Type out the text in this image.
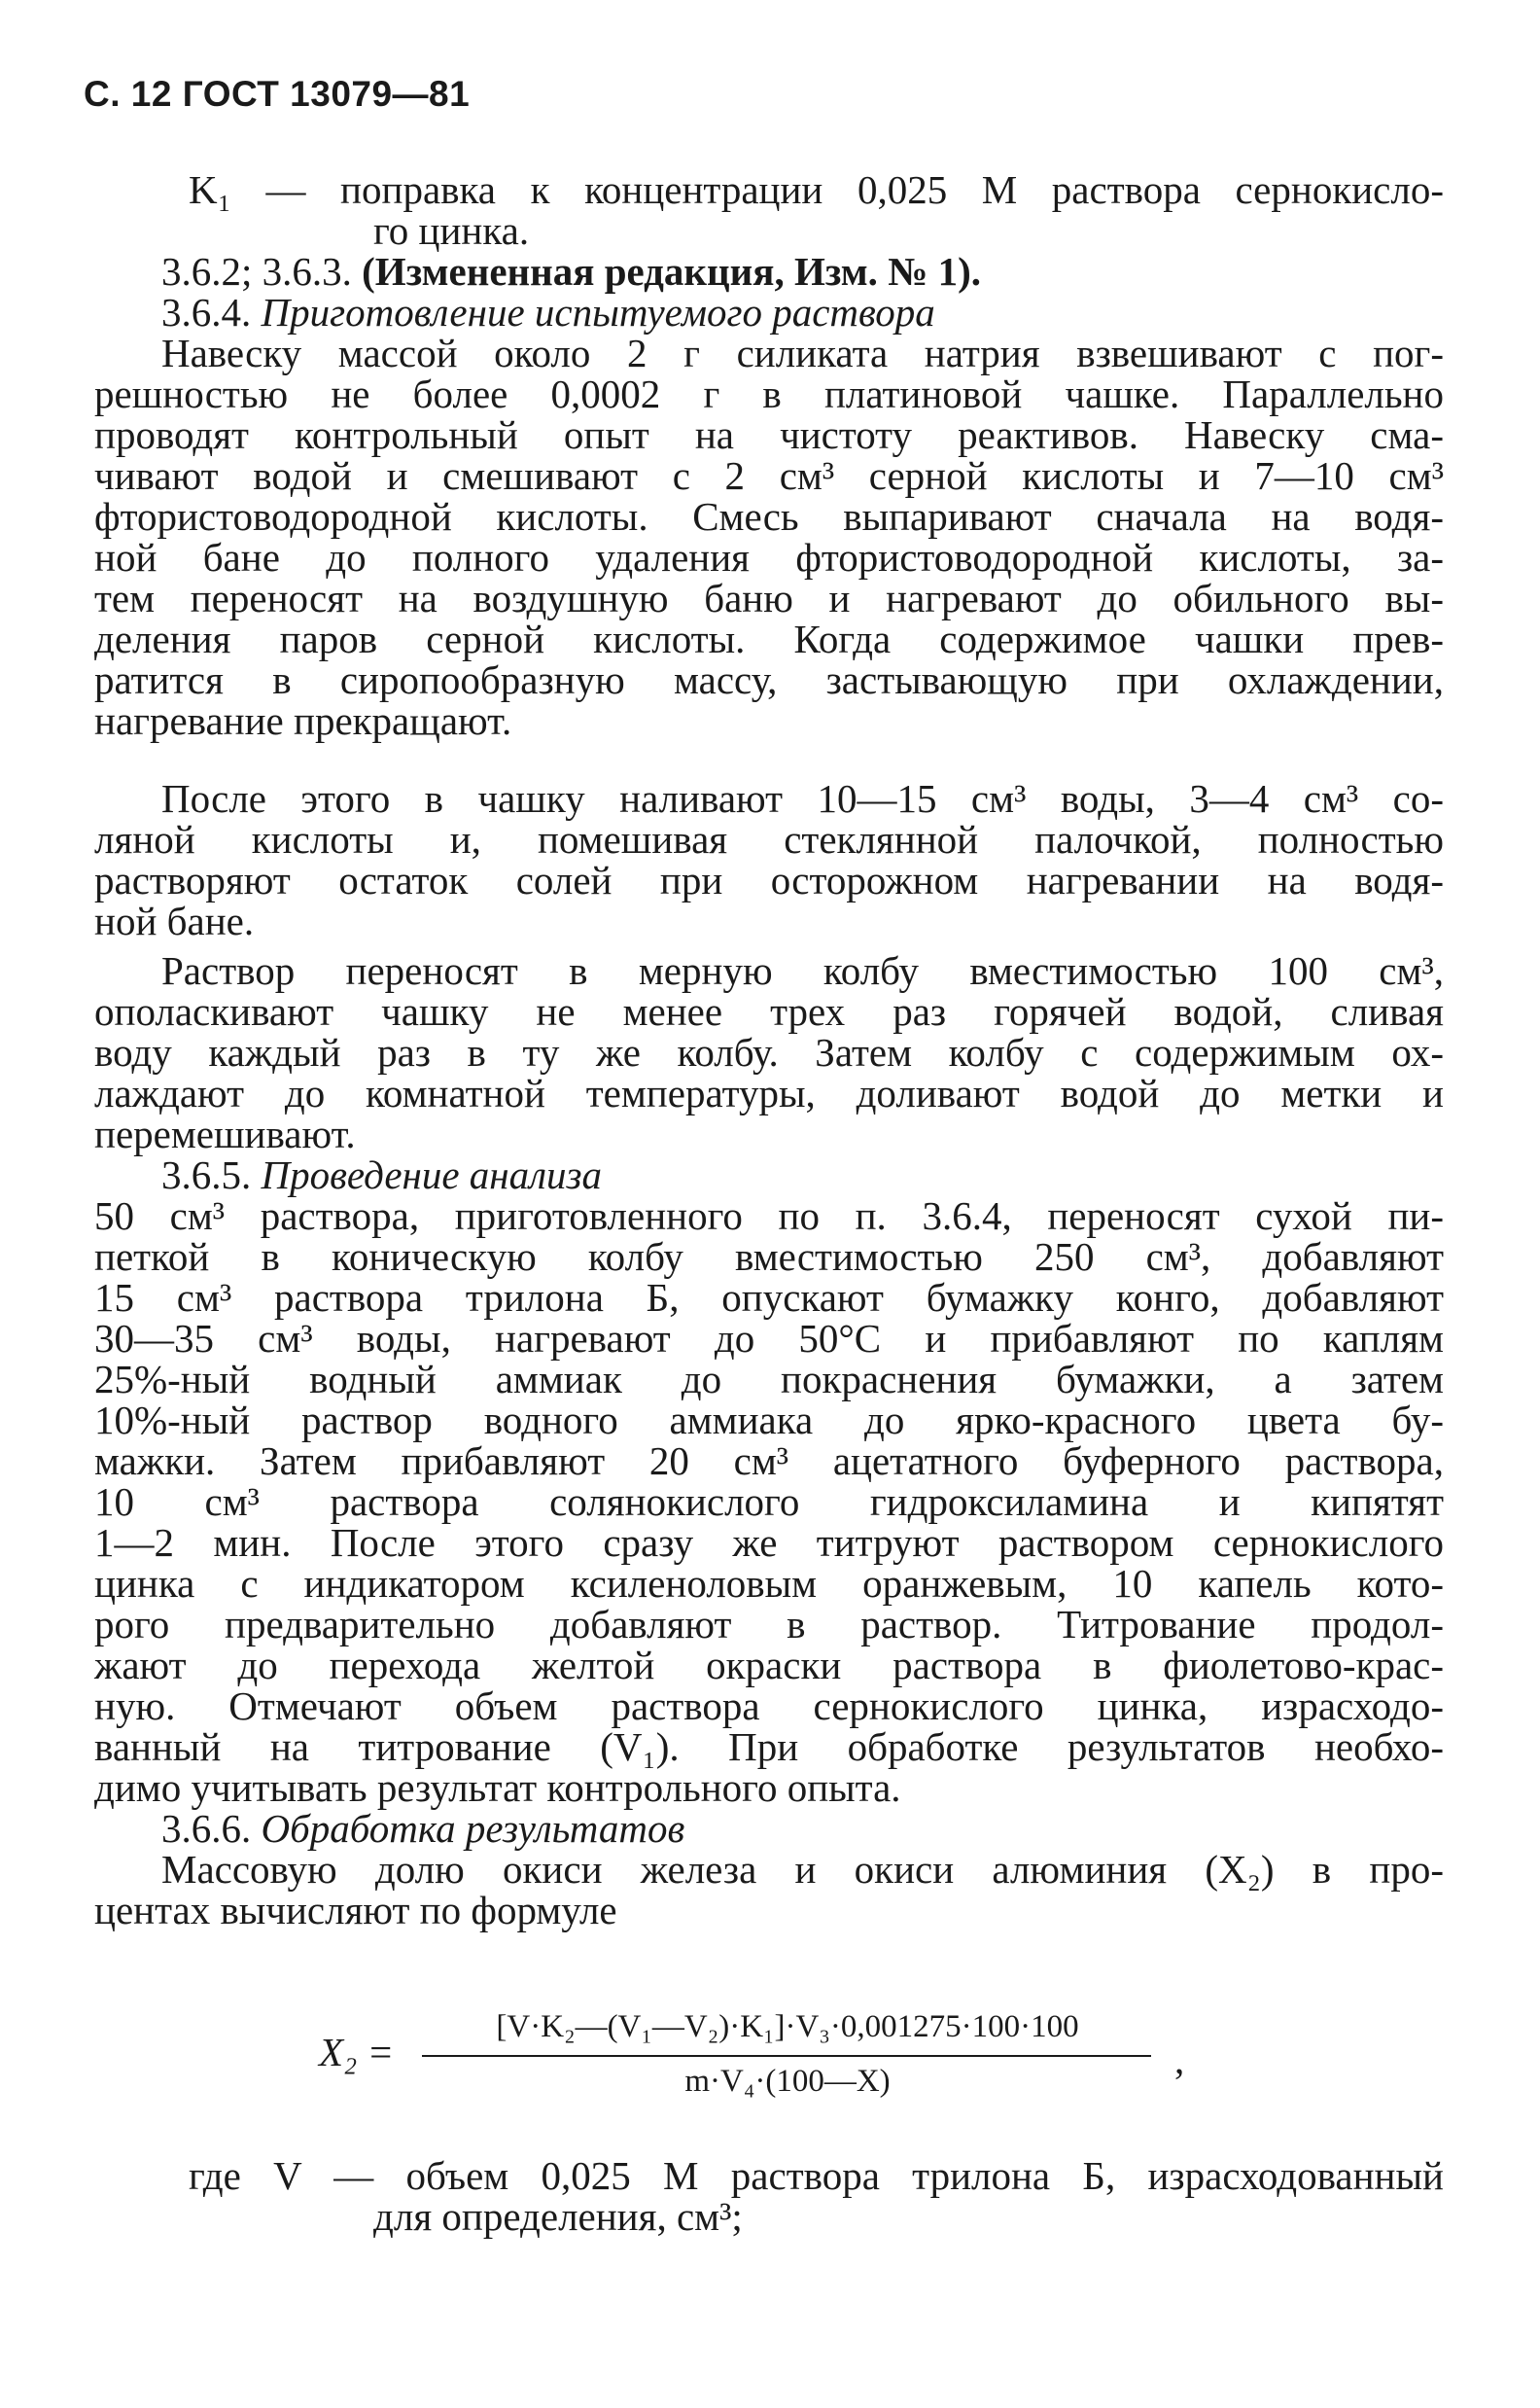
С. 12 ГОСТ 13079—81
K₁ — поправка к концентрации 0,025 М раствора сернокисло-
го цинка.
3.6.2; 3.6.3. (Измененная редакция, Изм. № 1).
3.6.4. Приготовление испытуемого раствора
Навеску массой около 2 г силиката натрия взвешивают с пог-
решностью не более 0,0002 г в платиновой чашке. Параллельно
проводят контрольный опыт на чистоту реактивов. Навеску сма-
чивают водой и смешивают с 2 см³ серной кислоты и 7—10 см³
фтористоводородной кислоты. Смесь выпаривают сначала на водя-
ной бане до полного удаления фтористоводородной кислоты, за-
тем переносят на воздушную баню и нагревают до обильного вы-
деления паров серной кислоты. Когда содержимое чашки прев-
ратится в сиропообразную массу, застывающую при охлаждении,
нагревание прекращают.
После этого в чашку наливают 10—15 см³ воды, 3—4 см³ со-
ляной кислоты и, помешивая стеклянной палочкой, полностью
растворяют остаток солей при осторожном нагревании на водя-
ной бане.
Раствор переносят в мерную колбу вместимостью 100 см³,
ополаскивают чашку не менее трех раз горячей водой, сливая
воду каждый раз в ту же колбу. Затем колбу с содержимым ох-
лаждают до комнатной температуры, доливают водой до метки и
перемешивают.
3.6.5. Проведение анализа
50 см³ раствора, приготовленного по п. 3.6.4, переносят сухой пи-
петкой в коническую колбу вместимостью 250 см³, добавляют
15 см³ раствора трилона Б, опускают бумажку конго, добавляют
30—35 см³ воды, нагревают до 50°С и прибавляют по каплям
25%-ный водный аммиак до покраснения бумажки, а затем
10%-ный раствор водного аммиака до ярко-красного цвета бу-
мажки. Затем прибавляют 20 см³ ацетатного буферного раствора,
10 см³ раствора солянокислого гидроксиламина и кипятят
1—2 мин. После этого сразу же титруют раствором сернокислого
цинка с индикатором ксиленоловым оранжевым, 10 капель кото-
рого предварительно добавляют в раствор. Титрование продол-
жают до перехода желтой окраски раствора в фиолетово-крас-
ную. Отмечают объем раствора сернокислого цинка, израсходо-
ванный на титрование (V₁). При обработке результатов необхо-
димо учитывать результат контрольного опыта.
3.6.6. Обработка результатов
Массовую долю окиси железа и окиси алюминия (X₂) в про-
центах вычисляют по формуле
X₂ =
[V·K₂—(V₁—V₂)·K₁]·V₃·0,001275·100·100
m·V₄·(100—X)	,
где V — объем 0,025 М раствора трилона Б, израсходованный
для определения, см³;
